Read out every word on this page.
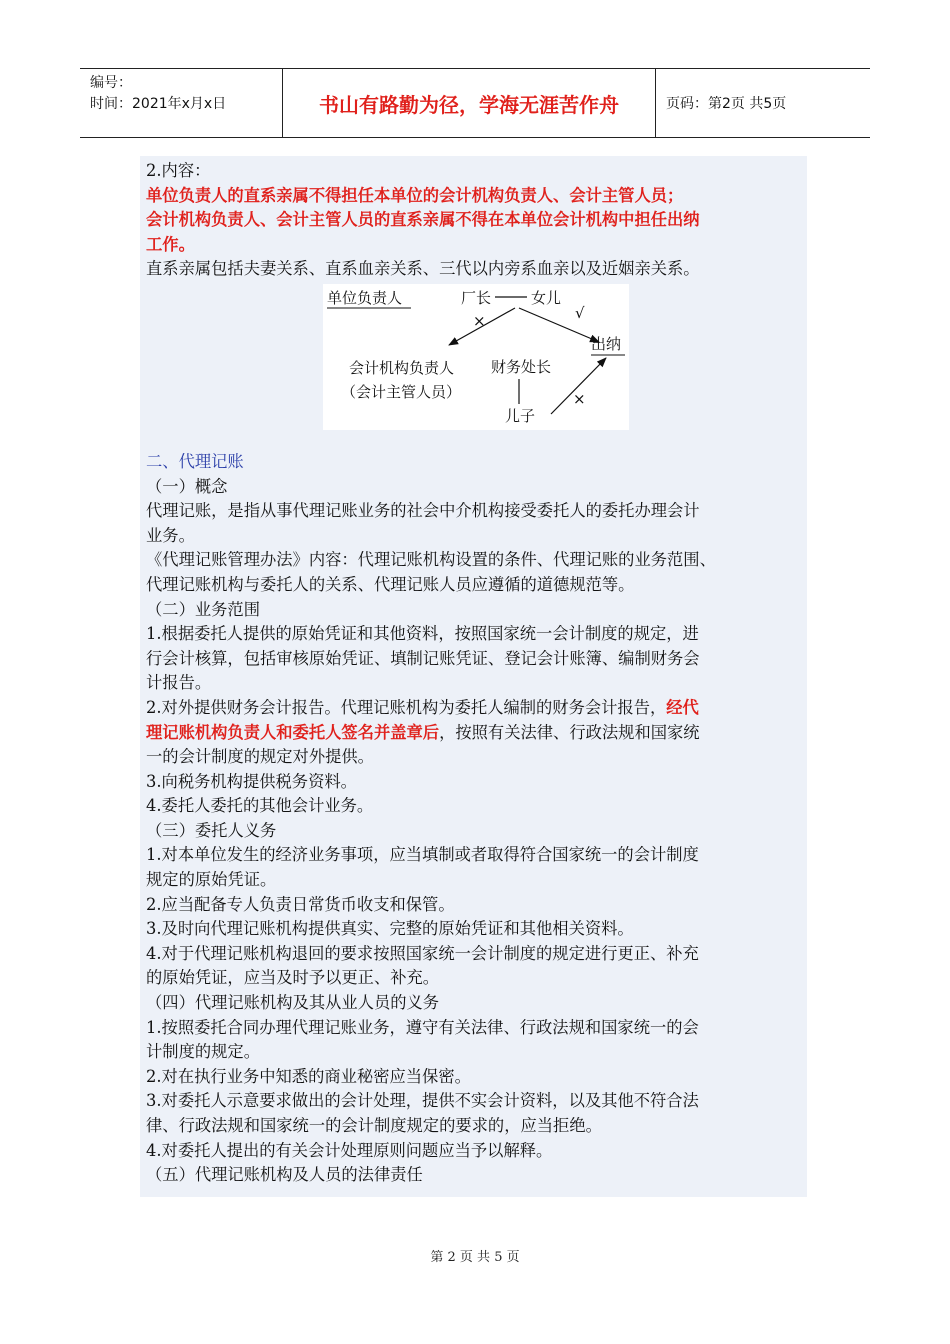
编号：
时间：2021年x月x日	书山有路勤为径，学海无涯苦作舟	页码：第2页 共5页

2.内容：

单位负责人的直系亲属不得担任本单位的会计机构负责人、会计主管人员；

会计机构负责人、会计主管人员的直系亲属不得在本单位会计机构中担任出纳

工作。

直系亲属包括夫妻关系、直系血亲关系、三代以内旁系血亲以及近姻亲关系。

单位负责人	厂长	女儿
×	√
出纳
会计机构负责人
（会计主管人员）
财务处长
儿子
×

二、代理记账

（一）概念

代理记账，是指从事代理记账业务的社会中介机构接受委托人的委托办理会计

业务。

《代理记账管理办法》内容：代理记账机构设置的条件、代理记账的业务范围、

代理记账机构与委托人的关系、代理记账人员应遵循的道德规范等。

（二）业务范围

1.根据委托人提供的原始凭证和其他资料，按照国家统一会计制度的规定，进

行会计核算，包括审核原始凭证、填制记账凭证、登记会计账簿、编制财务会

计报告。

2.对外提供财务会计报告。代理记账机构为委托人编制的财务会计报告，经代

理记账机构负责人和委托人签名并盖章后，按照有关法律、行政法规和国家统

一的会计制度的规定对外提供。

3.向税务机构提供税务资料。

4.委托人委托的其他会计业务。

（三）委托人义务

1.对本单位发生的经济业务事项，应当填制或者取得符合国家统一的会计制度

规定的原始凭证。

2.应当配备专人负责日常货币收支和保管。

3.及时向代理记账机构提供真实、完整的原始凭证和其他相关资料。

4.对于代理记账机构退回的要求按照国家统一会计制度的规定进行更正、补充

的原始凭证，应当及时予以更正、补充。

（四）代理记账机构及其从业人员的义务

1.按照委托合同办理代理记账业务，遵守有关法律、行政法规和国家统一的会

计制度的规定。

2.对在执行业务中知悉的商业秘密应当保密。

3.对委托人示意要求做出的会计处理，提供不实会计资料，以及其他不符合法

律、行政法规和国家统一的会计制度规定的要求的，应当拒绝。

4.对委托人提出的有关会计处理原则问题应当予以解释。

（五）代理记账机构及人员的法律责任

第 2 页 共 5 页
